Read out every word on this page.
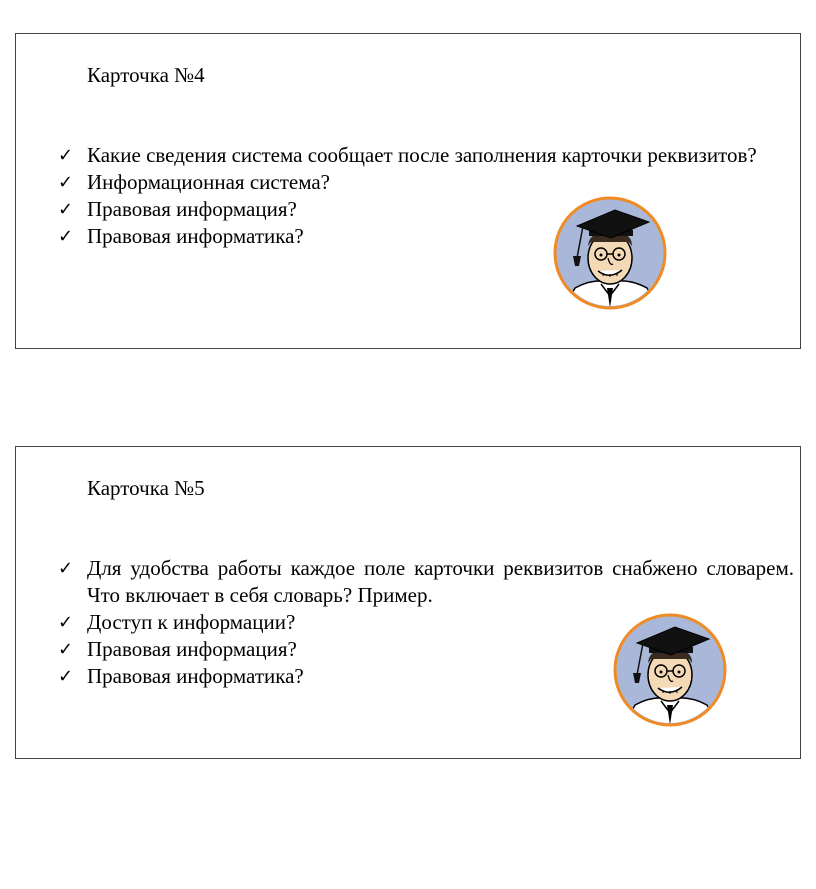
Карточка №4
✓ Какие сведения система сообщает после заполнения карточки реквизитов?
✓ Информационная система?
✓ Правовая информация?
✓ Правовая информатика?
Карточка №5
✓ Для удобства работы каждое поле карточки реквизитов снабжено словарем. Что включает в себя словарь? Пример.
✓ Доступ к информации?
✓ Правовая информация?
✓ Правовая информатика?
